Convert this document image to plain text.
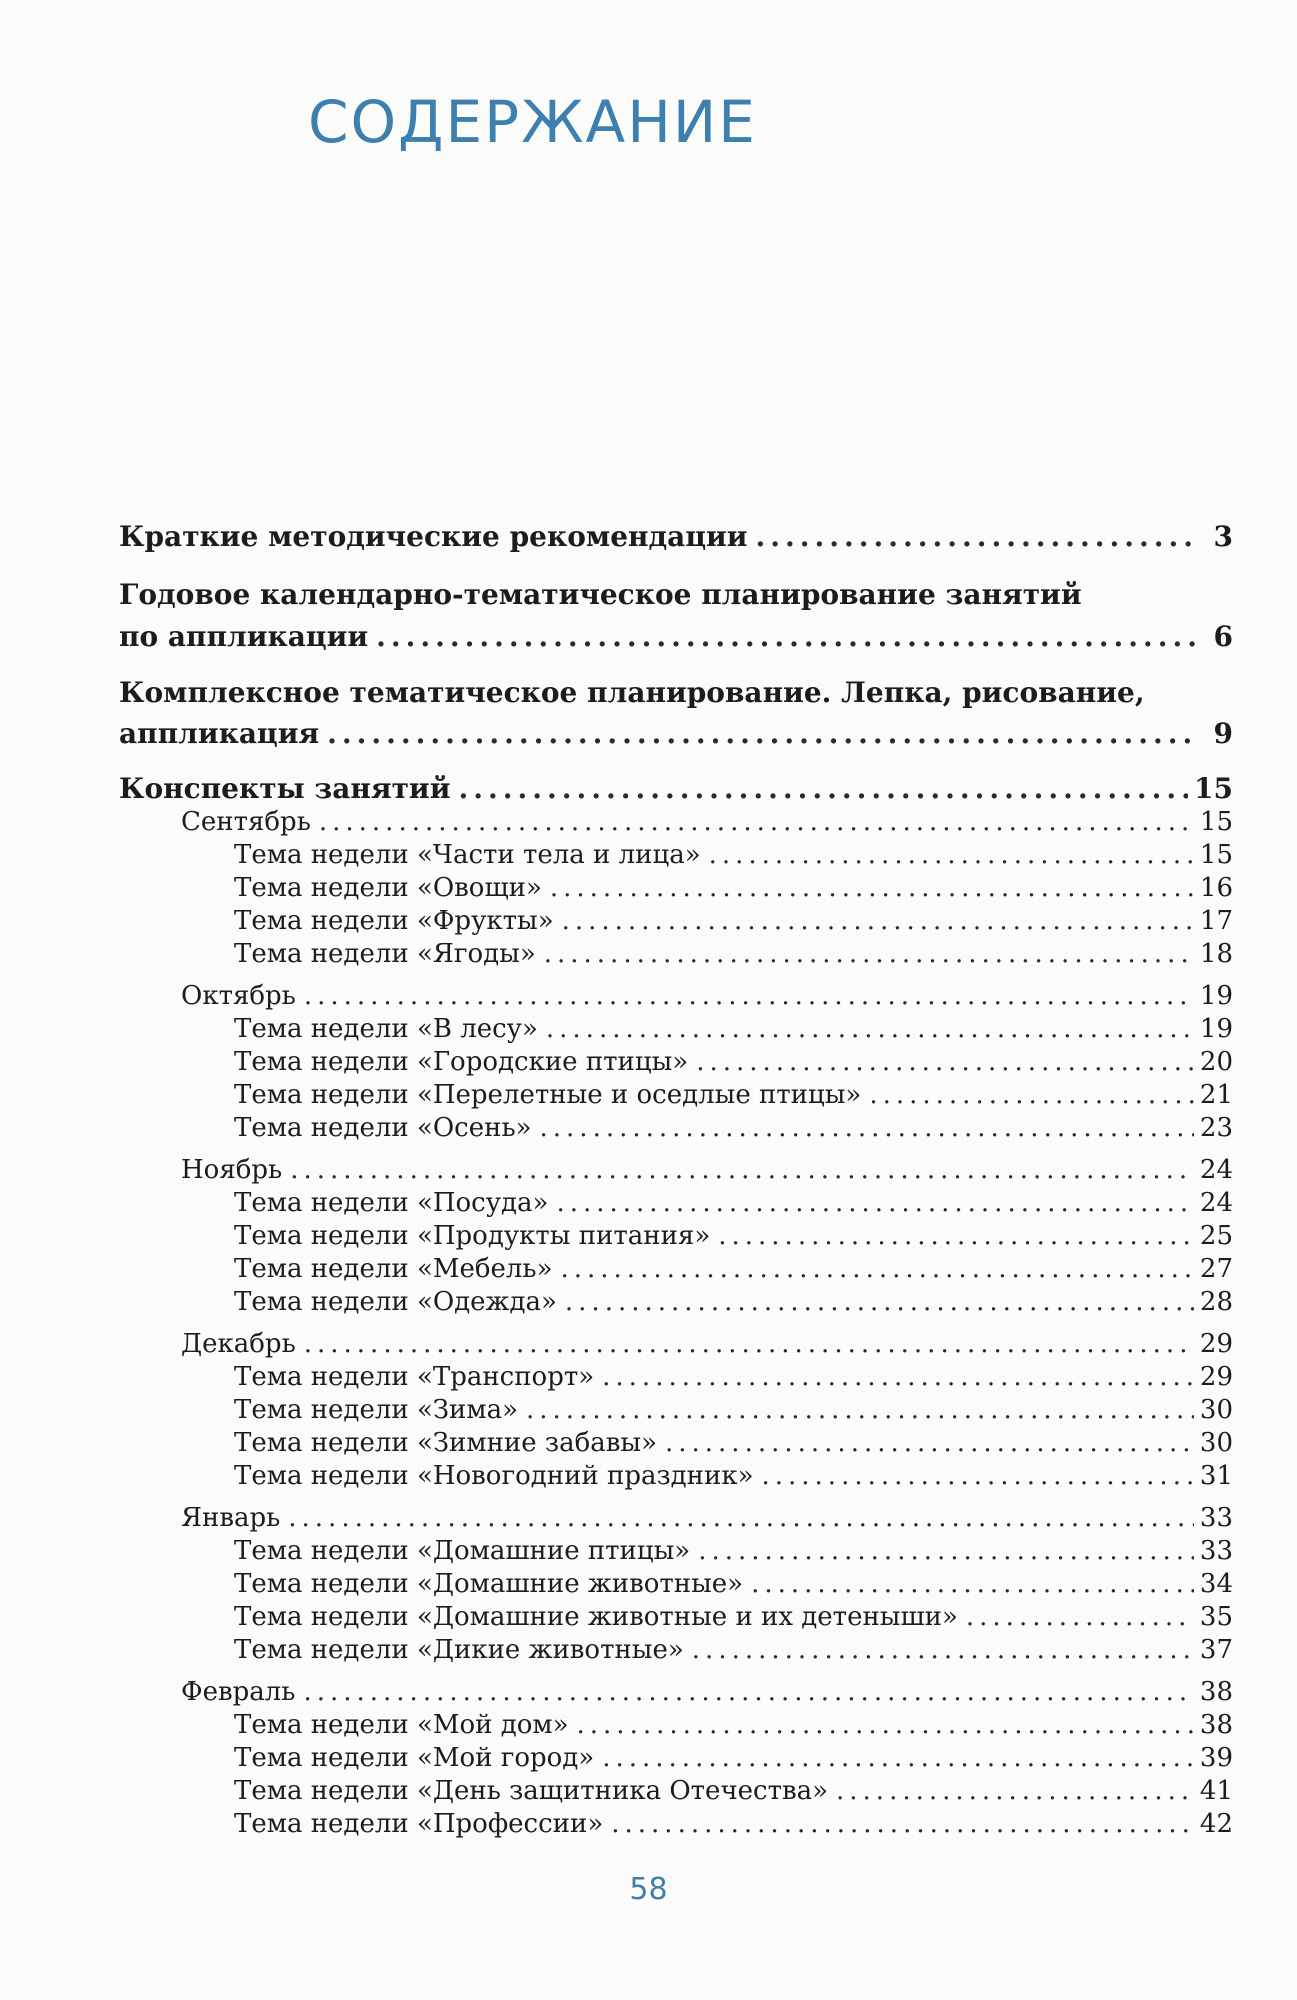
СОДЕРЖАНИЕ
Краткие методические рекомендации .....	3
Годовое календарно-тематическое планирование занятий
по аппликации .....	6
Комплексное тематическое планирование. Лепка, рисование,
аппликация .....	9
Конспекты занятий .....	15
Сентябрь .....	15
Тема недели «Части тела и лица» .....	15
Тема недели «Овощи» .....	16
Тема недели «Фрукты» .....	17
Тема недели «Ягоды» .....	18
Октябрь .....	19
Тема недели «В лесу» .....	19
Тема недели «Городские птицы» .....	20
Тема недели «Перелетные и оседлые птицы» .....	21
Тема недели «Осень» .....	23
Ноябрь .....	24
Тема недели «Посуда» .....	24
Тема недели «Продукты питания» .....	25
Тема недели «Мебель» .....	27
Тема недели «Одежда» .....	28
Декабрь .....	29
Тема недели «Транспорт» .....	29
Тема недели «Зима» .....	30
Тема недели «Зимние забавы» .....	30
Тема недели «Новогодний праздник» .....	31
Январь .....	33
Тема недели «Домашние птицы» .....	33
Тема недели «Домашние животные» .....	34
Тема недели «Домашние животные и их детеныши» .....	35
Тема недели «Дикие животные» .....	37
Февраль .....	38
Тема недели «Мой дом» .....	38
Тема недели «Мой город» .....	39
Тема недели «День защитника Отечества» .....	41
Тема недели «Профессии» .....	42
58
